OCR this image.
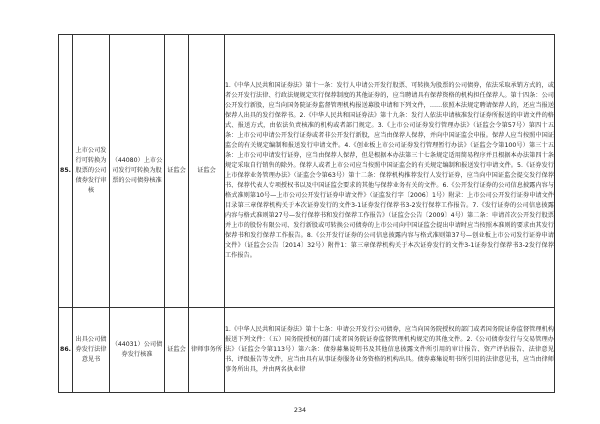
85.	上市公司发行可转换为股票的公司债券发行审核	（44080）上市公司发行可转换为股票的公司债券核准	证监会	证监会	1.《中华人民共和国证券法》第十一条：发行人申请公开发行股票、可转换为股票的公司债券，依法采取承销方式的，或者公开发行法律、行政法规规定实行保荐制度的其他证券的，应当聘请具有保荐资格的机构担任保荐人。第十四条：公司公开发行新股，应当向国务院证券监督管理机构报送募股申请和下列文件，……依照本法规定聘请保荐人的，还应当报送保荐人出具的发行保荐书。2.《中华人民共和国证券法》第十九条：发行人依法申请核准发行证券所报送的申请文件的格式、报送方式，由依法负责核准的机构或者部门规定。3.《上市公司证券发行管理办法》（证监会令第57号）第四十五条：上市公司申请公开发行证券或者非公开发行新股，应当由保荐人保荐，并向中国证监会申报。保荐人应当按照中国证监会的有关规定编制和报送发行申请文件。4.《创业板上市公司证券发行管理暂行办法》（证监会令第100号）第三十五条：上市公司申请发行证券，应当由保荐人保荐，但是根据本办法第三十七条规定适用简易程序并且根据本办法第四十条规定采取自行销售的除外。保荐人或者上市公司应当按照中国证监会的有关规定编制和报送发行申请文件。5.《证券发行上市保荐业务管理办法》（证监会令第63号）第十二条：保荐机构推荐发行人发行证券，应当向中国证监会提交发行保荐书、保荐代表人专项授权书以及中国证监会要求的其他与保荐业务有关的文件。6.《公开发行证券的公司信息披露内容与格式准则第10号—上市公司公开发行证券申请文件》（证监发行字〔2006〕1号）附录：上市公司公开发行证券申请文件目录第三章保荐机构关于本次证券发行的文件3-1证券发行保荐书3-2发行保荐工作报告。7.《发行证券的公司信息披露内容与格式准则第27号—发行保荐书和发行保荐工作报告》（证监会公告〔2009〕4号）第二条：申请首次公开发行股票并上市的股份有限公司、发行新股或可转换公司债券的上市公司向中国证监会提出申请时应当按照本准则的要求由其发行保荐书和发行保荐工作报告。8.《公开发行证券的公司信息披露内容与格式准则第37号—创业板上市公司发行证券申请文件》（证监会公告〔2014〕32号）附件1：第三章保荐机构关于本次证券发行的文件3-1证券发行保荐书3-2发行保荐工作报告。

86.	出具公司债券发行法律意见书	（44031）公司债券发行核准	证监会	律师事务所	1.《中华人民共和国证券法》第十七条：申请公开发行公司债券，应当向国务院授权的部门或者国务院证券监督管理机构报送下列文件：（五）国务院授权的部门或者国务院证券监督管理机构规定的其他文件。2.《公司债券发行与交易管理办法》（证监会令第113号）第六条：债券募集说明书及其他信息披露文件所引用的审计报告、资产评估报告、法律意见书、评级报告等文件，应当由具有从事证券服务业务资格的机构出具。债券募集说明书所引用的法律意见书，应当由律师事务所出具，并由两名执业律

234
